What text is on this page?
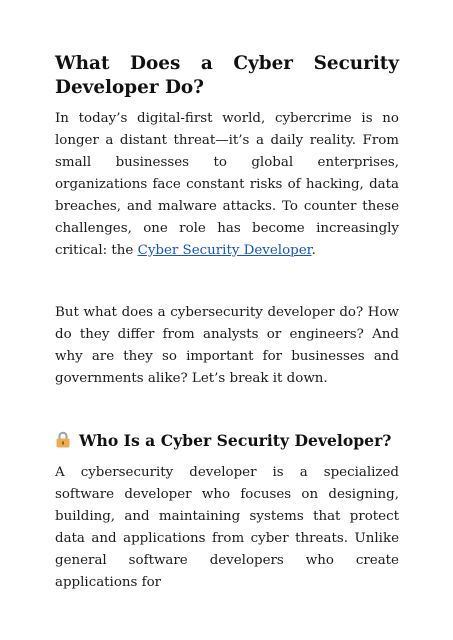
What Does a Cyber Security Developer Do?

In today’s digital-first world, cybercrime is no longer a distant threat—it’s a daily reality. From small businesses to global enterprises, organizations face constant risks of hacking, data breaches, and malware attacks. To counter these challenges, one role has become increasingly critical: the Cyber Security Developer.

But what does a cybersecurity developer do? How do they differ from analysts or engineers? And why are they so important for businesses and governments alike? Let’s break it down.

Who Is a Cyber Security Developer?

A cybersecurity developer is a specialized software developer who focuses on designing, building, and maintaining systems that protect data and applications from cyber threats. Unlike general software developers who create applications for
